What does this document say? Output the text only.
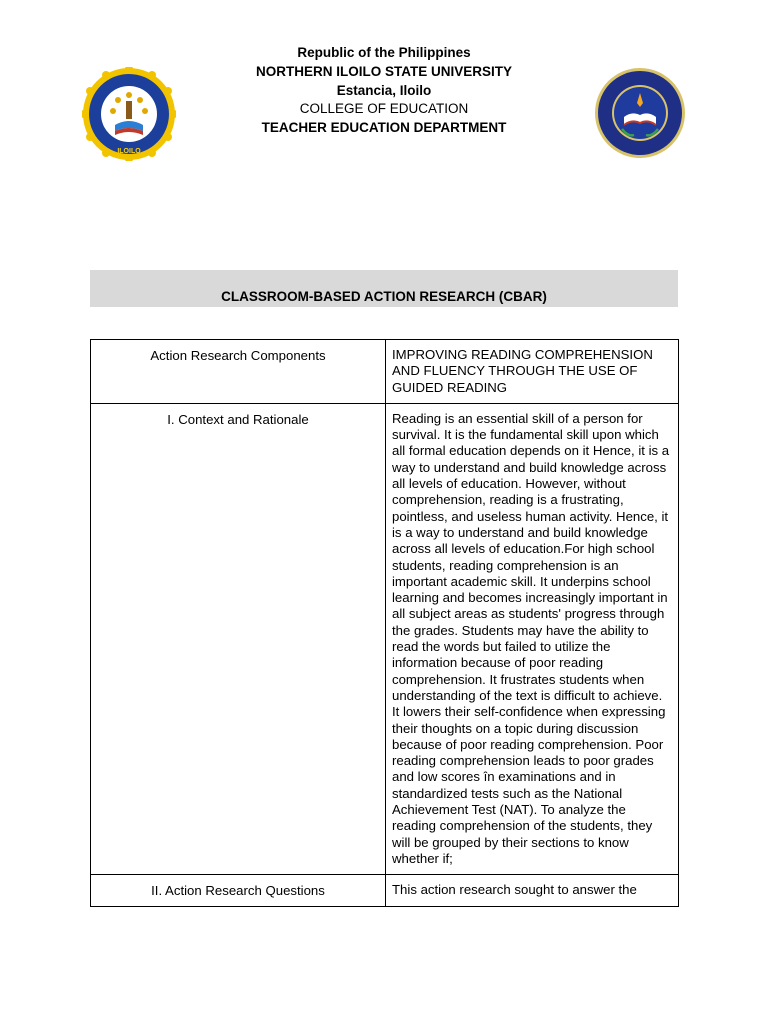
ILOILO
Republic of the Philippines
NORTHERN ILOILO STATE UNIVERSITY
Estancia, Iloilo
COLLEGE OF EDUCATION
TEACHER EDUCATION DEPARTMENT
CLASSROOM-BASED ACTION RESEARCH (CBAR)
Action Research Components	IMPROVING READING COMPREHENSION AND FLUENCY THROUGH THE USE OF GUIDED READING

I. Context and Rationale	Reading is an essential skill of a person for survival. It is the fundamental skill upon which all formal education depends on it Hence, it is a way to understand and build knowledge across all levels of education. However, without comprehension, reading is a frustrating, pointless, and useless human activity. Hence, it is a way to understand and build knowledge across all levels of education.For high school students, reading comprehension is an important academic skill. It underpins school learning and becomes increasingly important in all subject areas as students' progress through the grades. Students may have the ability to read the words but failed to utilize the information because of poor reading comprehension. It frustrates students when understanding of the text is difficult to achieve. It lowers their self-confidence when expressing their thoughts on a topic during discussion because of poor reading comprehension. Poor reading comprehension leads to poor grades and low scores în examinations and in standardized tests such as the National Achievement Test (NAT). To analyze the reading comprehension of the students, they will be grouped by their sections to know whether if;

II. Action Research Questions	This action research sought to answer the
